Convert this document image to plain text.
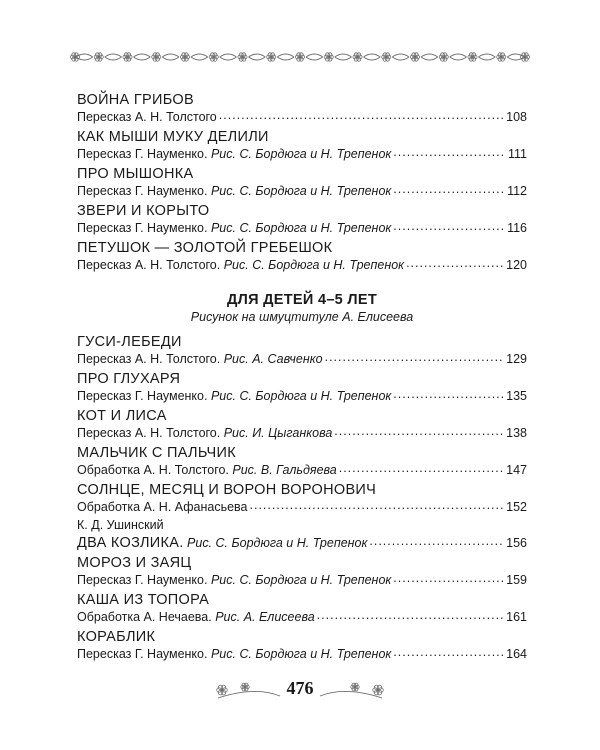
ВОЙНА ГРИБОВ
Пересказ А. Н. Толстого .....	108
КАК МЫШИ МУКУ ДЕЛИЛИ
Пересказ Г. Науменко. Рис. С. Бордюга и Н. Трепенок .....	111
ПРО МЫШОНКА
Пересказ Г. Науменко. Рис. С. Бордюга и Н. Трепенок .....	112
ЗВЕРИ И КОРЫТО
Пересказ Г. Науменко. Рис. С. Бордюга и Н. Трепенок .....	116
ПЕТУШОК — ЗОЛОТОЙ ГРЕБЕШОК
Пересказ А. Н. Толстого. Рис. С. Бордюга и Н. Трепенок .....	120
ДЛЯ ДЕТЕЙ 4–5 ЛЕТ
Рисунок на шмуцтитуле А. Елисеева
ГУСИ-ЛЕБЕДИ
Пересказ А. Н. Толстого. Рис. А. Савченко .....	129
ПРО ГЛУХАРЯ
Пересказ Г. Науменко. Рис. С. Бордюга и Н. Трепенок .....	135
КОТ И ЛИСА
Пересказ А. Н. Толстого. Рис. И. Цыганкова .....	138
МАЛЬЧИК С ПАЛЬЧИК
Обработка А. Н. Толстого. Рис. В. Гальдяева .....	147
СОЛНЦЕ, МЕСЯЦ И ВОРОН ВОРОНОВИЧ
Обработка А. Н. Афанасьева .....	152
К. Д. Ушинский
ДВА КОЗЛИКА. Рис. С. Бордюга и Н. Трепенок .....	156
МОРОЗ И ЗАЯЦ
Пересказ Г. Науменко. Рис. С. Бордюга и Н. Трепенок .....	159
КАША ИЗ ТОПОРА
Обработка А. Нечаева. Рис. А. Елисеева .....	161
КОРАБЛИК
Пересказ Г. Науменко. Рис. С. Бордюга и Н. Трепенок .....	164
476
